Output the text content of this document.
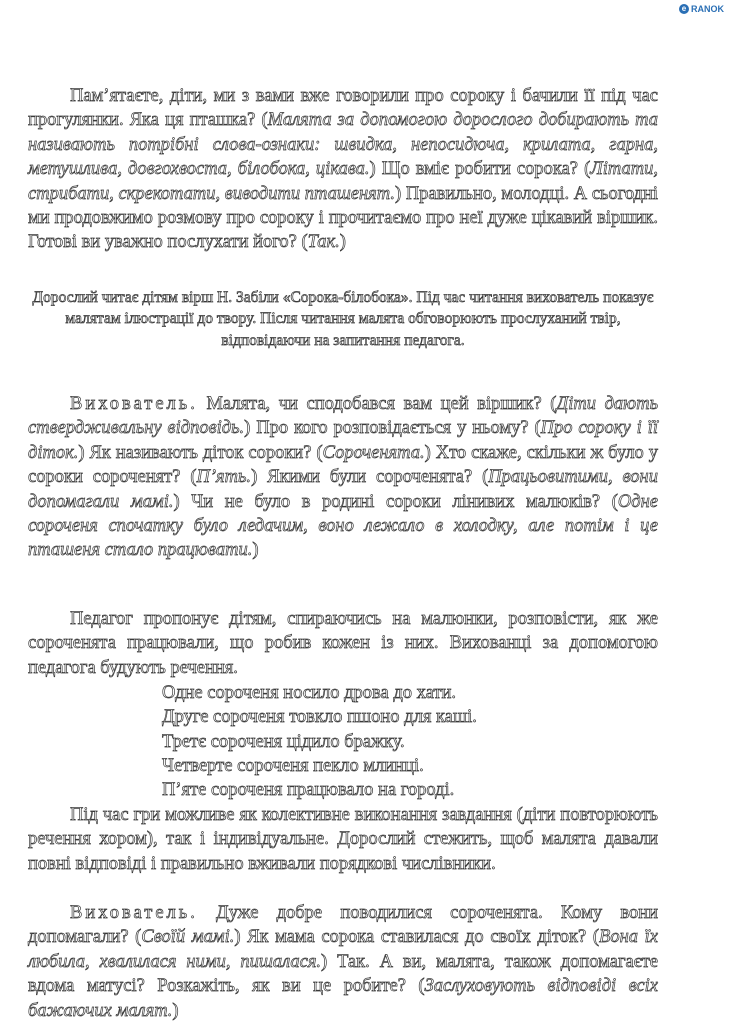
e RANOK

Пам’ятаєте, діти, ми з вами вже говорили про сороку і бачили її під час прогулянки. Яка ця пташка? (Малята за допомогою дорослого добирають та називають потрібні слова-ознаки: швидка, непосидюча, крилата, гарна, метушлива, довгохвоста, білобока, цікава.) Що вміє робити сорока? (Літати, стрибати, скрекотати, виводити пташенят.) Правильно, молодці. А сьогодні ми продовжимо розмову про сороку і прочитаємо про неї дуже цікавий віршик. Готові ви уважно послухати його? (Так.)

Дорослий читає дітям вірш Н. Забіли «Сорока-білобока». Під час читання вихователь показує малятам ілюстрації до твору. Після читання малята обговорюють прослуханий твір, відповідаючи на запитання педагога.

Вихователь. Малята, чи сподобався вам цей віршик? (Діти дають ствердживальну відповідь.) Про кого розповідається у ньому? (Про сороку і її діток.) Як називають діток сороки? (Сороченята.) Хто скаже, скільки ж було у сороки сороченят? (П’ять.) Якими були сороченята? (Працьовитими, вони допомагали мамі.) Чи не було в родині сороки лінивих малюків? (Одне сороченя спочатку було ледачим, воно лежало в холодку, але потім і це пташеня стало працювати.)

Педагог пропонує дітям, спираючись на малюнки, розповісти, як же сороченята працювали, що робив кожен із них. Вихованці за допомогою педагога будують речення.

Одне сороченя носило дрова до хати.

Друге сороченя товкло пшоно для каші.

Третє сороченя цідило бражку.

Четверте сороченя пекло млинці.

П’яте сороченя працювало на городі.

Під час гри можливе як колективне виконання завдання (діти повторюють речення хором), так і індивідуальне. Дорослий стежить, щоб малята давали повні відповіді і правильно вживали порядкові числівники.

Вихователь. Дуже добре поводилися сороченята. Кому вони допомагали? (Своїй мамі.) Як мама сорока ставилася до своїх діток? (Вона їх любила, хвалилася ними, пишалася.) Так. А ви, малята, також допомагаєте вдома матусі? Розкажіть, як ви це робите? (Заслуховують відповіді всіх бажаючих малят.)
